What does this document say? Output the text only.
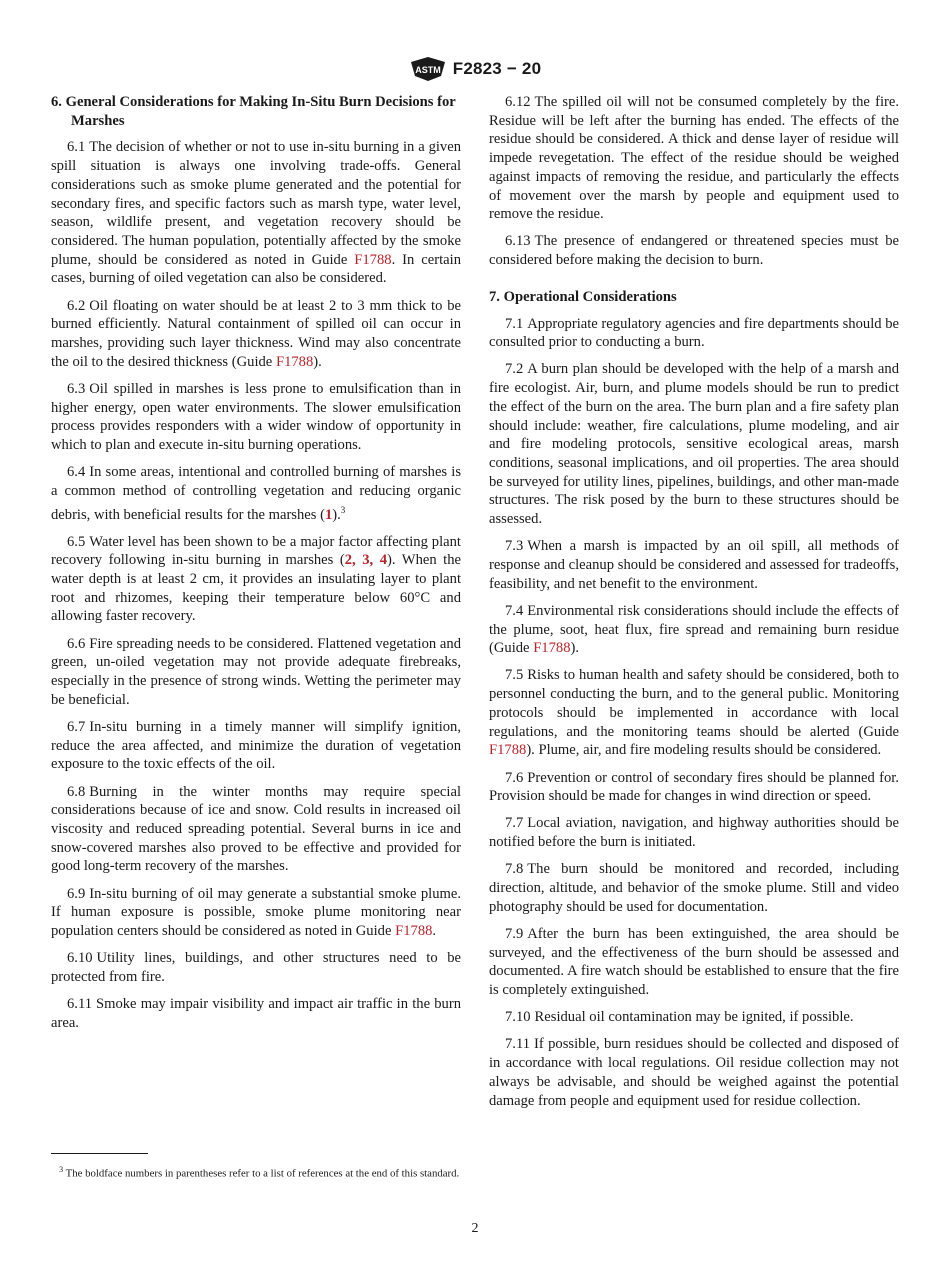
ASTM F2823 − 20

6. General Considerations for Making In-Situ Burn Decisions for Marshes

6.1 The decision of whether or not to use in-situ burning in a given spill situation is always one involving trade-offs. General considerations such as smoke plume generated and the potential for secondary fires, and specific factors such as marsh type, water level, season, wildlife present, and vegetation recovery should be considered. The human population, potentially affected by the smoke plume, should be considered as noted in Guide F1788. In certain cases, burning of oiled vegetation can also be considered.

6.2 Oil floating on water should be at least 2 to 3 mm thick to be burned efficiently. Natural containment of spilled oil can occur in marshes, providing such layer thickness. Wind may also concentrate the oil to the desired thickness (Guide F1788).

6.3 Oil spilled in marshes is less prone to emulsification than in higher energy, open water environments. The slower emulsification process provides responders with a wider window of opportunity in which to plan and execute in-situ burning operations.

6.4 In some areas, intentional and controlled burning of marshes is a common method of controlling vegetation and reducing organic debris, with beneficial results for the marshes (1).$^3$

6.5 Water level has been shown to be a major factor affecting plant recovery following in-situ burning in marshes (2, 3, 4). When the water depth is at least 2 cm, it provides an insulating layer to plant root and rhizomes, keeping their temperature below 60°C and allowing faster recovery.

6.6 Fire spreading needs to be considered. Flattened vegetation and green, un-oiled vegetation may not provide adequate firebreaks, especially in the presence of strong winds. Wetting the perimeter may be beneficial.

6.7 In-situ burning in a timely manner will simplify ignition, reduce the area affected, and minimize the duration of vegetation exposure to the toxic effects of the oil.

6.8 Burning in the winter months may require special considerations because of ice and snow. Cold results in increased oil viscosity and reduced spreading potential. Several burns in ice and snow-covered marshes also proved to be effective and provided for good long-term recovery of the marshes.

6.9 In-situ burning of oil may generate a substantial smoke plume. If human exposure is possible, smoke plume monitoring near population centers should be considered as noted in Guide F1788.

6.10 Utility lines, buildings, and other structures need to be protected from fire.

6.11 Smoke may impair visibility and impact air traffic in the burn area.

6.12 The spilled oil will not be consumed completely by the fire. Residue will be left after the burning has ended. The effects of the residue should be considered. A thick and dense layer of residue will impede revegetation. The effect of the residue should be weighed against impacts of removing the residue, and particularly the effects of movement over the marsh by people and equipment used to remove the residue.

6.13 The presence of endangered or threatened species must be considered before making the decision to burn.

7. Operational Considerations

7.1 Appropriate regulatory agencies and fire departments should be consulted prior to conducting a burn.

7.2 A burn plan should be developed with the help of a marsh and fire ecologist. Air, burn, and plume models should be run to predict the effect of the burn on the area. The burn plan and a fire safety plan should include: weather, fire calculations, plume modeling, and air and fire modeling protocols, sensitive ecological areas, marsh conditions, seasonal implications, and oil properties. The area should be surveyed for utility lines, pipelines, buildings, and other man-made structures. The risk posed by the burn to these structures should be assessed.

7.3 When a marsh is impacted by an oil spill, all methods of response and cleanup should be considered and assessed for tradeoffs, feasibility, and net benefit to the environment.

7.4 Environmental risk considerations should include the effects of the plume, soot, heat flux, fire spread and remaining burn residue (Guide F1788).

7.5 Risks to human health and safety should be considered, both to personnel conducting the burn, and to the general public. Monitoring protocols should be implemented in accordance with local regulations, and the monitoring teams should be alerted (Guide F1788). Plume, air, and fire modeling results should be considered.

7.6 Prevention or control of secondary fires should be planned for. Provision should be made for changes in wind direction or speed.

7.7 Local aviation, navigation, and highway authorities should be notified before the burn is initiated.

7.8 The burn should be monitored and recorded, including direction, altitude, and behavior of the smoke plume. Still and video photography should be used for documentation.

7.9 After the burn has been extinguished, the area should be surveyed, and the effectiveness of the burn should be assessed and documented. A fire watch should be established to ensure that the fire is completely extinguished.

7.10 Residual oil contamination may be ignited, if possible.

7.11 If possible, burn residues should be collected and disposed of in accordance with local regulations. Oil residue collection may not always be advisable, and should be weighed against the potential damage from people and equipment used for residue collection.

$^3$ The boldface numbers in parentheses refer to a list of references at the end of this standard.
2
